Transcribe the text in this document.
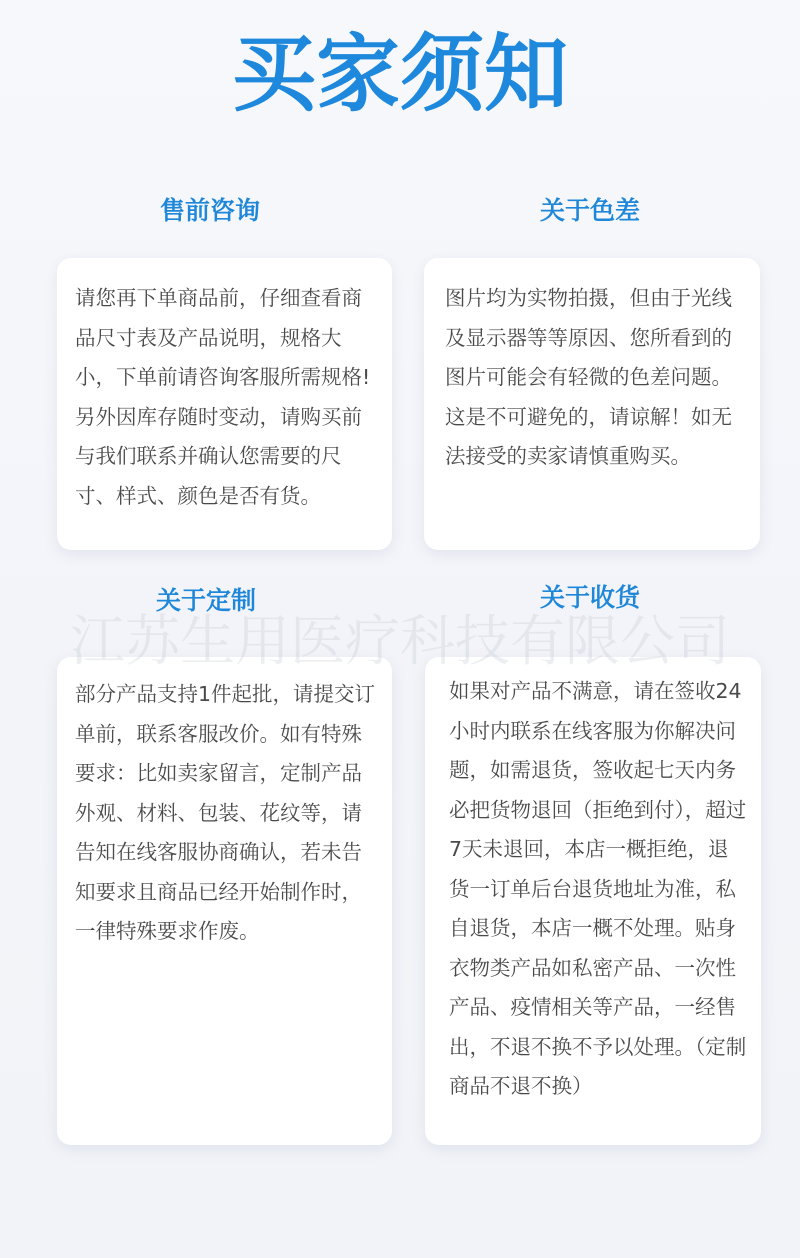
买家须知
售前咨询

请您再下单商品前，仔细查看商品尺寸表及产品说明，规格大小，下单前请咨询客服所需规格!另外因库存随时变动，请购买前与我们联系并确认您需要的尺寸、样式、颜色是否有货。

关于色差

图片均为实物拍摄，但由于光线及显示器等等原因、您所看到的图片可能会有轻微的色差问题。这是不可避免的，请谅解！如无法接受的卖家请慎重购买。

关于定制

部分产品支持1件起批，请提交订单前，联系客服改价。如有特殊要求：比如卖家留言，定制产品外观、材料、包装、花纹等，请告知在线客服协商确认，若未告知要求且商品已经开始制作时，一律特殊要求作废。

关于收货

如果对产品不满意，请在签收24小时内联系在线客服为你解决问题，如需退货，签收起七天内务必把货物退回（拒绝到付），超过7天未退回，本店一概拒绝，退货一订单后台退货地址为准，私自退货，本店一概不处理。贴身衣物类产品如私密产品、一次性产品、疫情相关等产品，一经售出，不退不换不予以处理。（定制商品不退不换）

江苏生用医疗科技有限公司
